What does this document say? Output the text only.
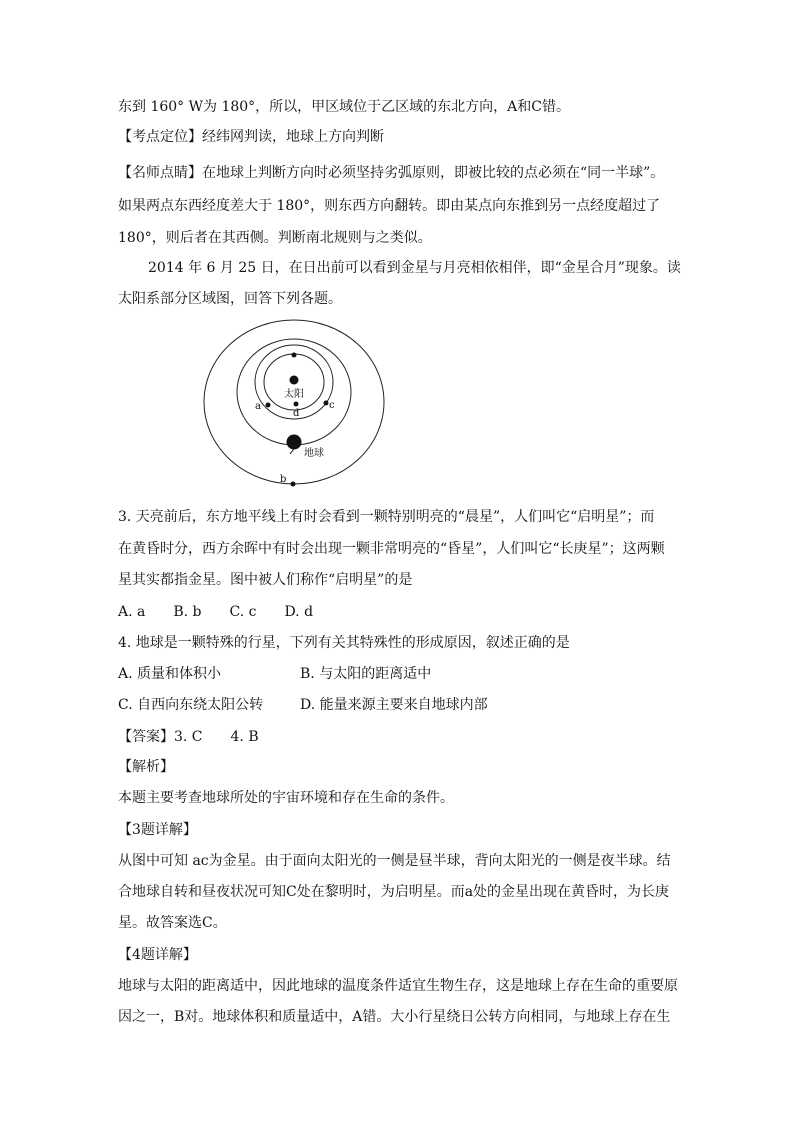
东到 160° W为 180°，所以，甲区域位于乙区域的东北方向，A和C错。
【考点定位】经纬网判读，地球上方向判断
【名师点睛】在地球上判断方向时必须坚持劣弧原则，即被比较的点必须在“同一半球”。
如果两点东西经度差大于 180°，则东西方向翻转。即由某点向东推到另一点经度超过了
180°，则后者在其西侧。判断南北规则与之类似。
2014 年 6 月 25 日，在日出前可以看到金星与月亮相依相伴，即“金星合月”现象。读
太阳系部分区域图，回答下列各题。
3. 天亮前后，东方地平线上有时会看到一颗特别明亮的“晨星”，人们叫它“启明星”；而
在黄昏时分，西方余晖中有时会出现一颗非常明亮的“昏星”，人们叫它“长庚星”；这两颗
星其实都指金星。图中被人们称作“启明星”的是
A. a　　B. b　　C. c　　D. d
4. 地球是一颗特殊的行星，下列有关其特殊性的形成原因，叙述正确的是
A. 质量和体积小	B. 与太阳的距离适中
C. 自西向东绕太阳公转	D. 能量来源主要来自地球内部
【答案】3. C　　4. B
【解析】
本题主要考查地球所处的宇宙环境和存在生命的条件。
【3题详解】
从图中可知 ac为金星。由于面向太阳光的一侧是昼半球，背向太阳光的一侧是夜半球。结
合地球自转和昼夜状况可知C处在黎明时，为启明星。而a处的金星出现在黄昏时，为长庚
星。故答案选C。
【4题详解】
地球与太阳的距离适中，因此地球的温度条件适宜生物生存，这是地球上存在生命的重要原
因之一，B对。地球体积和质量适中，A错。大小行星绕日公转方向相同，与地球上存在生
太阳
a
d
c
地球
b
